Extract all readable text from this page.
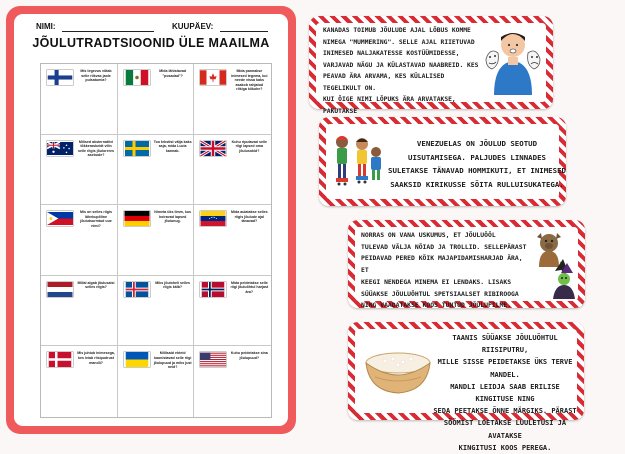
NIMI:	KUUPÄEV:
JÕULUTRADTSIOONID ÜLE MAAILMA
Mis tegevus võtab selle riikvas jaole pulsatumia?
Mida lähistavad "posadad"?
Mida pannakse inimesed tegema, kui neede vissa kaks asakob rahjatud riikiga kiikuhe?
Milised aksternatiivi tõkkeraskeidt villn selle riigis jõuloreres asebude?
Too tekstist välja kaks asja, mida Lucia kannab.
Kuhu riputavad selle riigi lapsed oma jõulusokid?
Mis on selles riigis lähekupõline jõulutsurmtud uue nimi?
Nimeta üks ilmm, kus hoiravad lapsed jõulunug.
Mida aulatakse selles riigis jõulude ajal tänavad?
Millal algab jõulusaisi selles riigis?
Miks jõuloheli selles riigis käib?
Mida peidetakse selle riigi jõuluõhtul harjast ära?
Mis juhtub inimesega, kes leiab riisipudrust mandli?
Millisaid ehteid kaunistavad selle riigi jõulupuud ja miks just neid?
Kuhu peidetakse sina jõulupuud?
KANADAS TOIMUB JÕULUDE AJAL LÕBUS KOMME
NIMEGA "MUMMERING". SELLE AJAL RIIETUVAD
INIMESED NALJAKATESSE KOSTÜÜMIDESSE,
VARJAVAD NÄGU JA KÜLASTAVAD NAABREID. KES
PEAVAD ÄRA ARVAMA, KES KÜLALISED TEGELIKULT ON.
KUI ÕIGE NIMI LÕPUKS ÄRA ARVATAKSE, PAKUTAKSE
VENEZUELAS ON JÕULUD SEOTUD
UISUTAMISEGA. PALJUDES LINNADES
SULETAKSE TÄNAVAD HOMMIKUTI, ET INIMESED
SAAKSID KIRIKUSSE SÕITA RULLUISUKATEGA.
NORRAS ON VANA USKUMUS, ET JÕULUÖÖL
TULEVAD VÄLJA NÕIAD JA TROLLID. SELLEPÄRAST
PEIDAVAD PERED KÕIK MAJAPIDAMISHARJAD ÄRA, ET
KEEGI NENDEGA MINEMA EI LENDAKS. LISAKS
SÜÜAKSE JÕULUÕHTUL SPETSIAALSET RIBIROOGА
NING VAADATAKSE KOOS TUNTUD JÕULUFILME.
TAANIS SÜÜAKSE JÕULUÕHTUL RIISIPUTRU,
MILLE SISSE PEIDETAKSE ÜKS TERVE MANDEL.
MANDLI LEIDJA SAAB ERILISE KINGITUSE NING
SEDA PEETAKSE ÕNNE MÄRGIKS. PÄRAST
SÖÖMIST LOETAKSE LUULETUSI JA AVATAKSE
KINGITUSI KOOS PEREGA.
